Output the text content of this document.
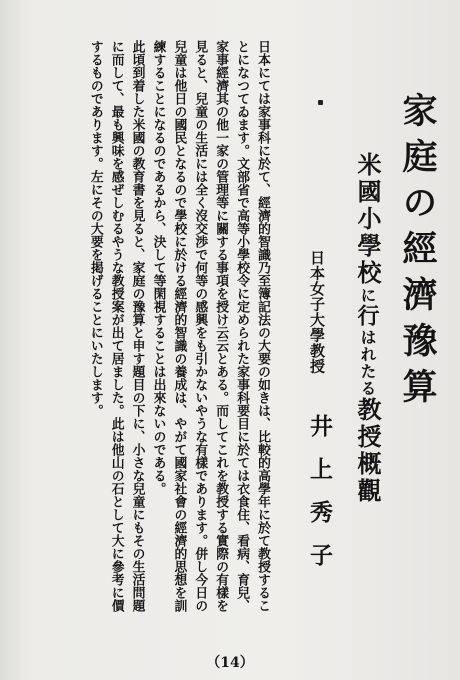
家庭の經濟豫算
米國小學校に行はれたる教授概觀
日本女子大學教授
井上秀子

日本にては家事科に於て、經濟的智識乃至簿記法の大要の如きは、比較的高學年に於て教授することになつてゐます。文部省で高等小學校令に定められた家事科要目に於ては衣食住、看病、育兒、家事經濟其の他一家の管理等に關する事項を授け云云とある。而してこれを教授する實際の有樣を見ると、兒童の生活には全く沒交渉で何等の感興をも引かないやうな有樣であります。併し今日の兒童は他日の國民となるので學校に於ける經濟的智識の養成は、やがて國家社會の經濟的思想を訓練することになるのであるから、決して等閑視することは出來ないのである。

此頃到着した米國の教育書を見ると、家庭の豫算と申す題目の下に、小さな兒童にもその生活問題に而して、最も興味を感ぜしむるやうな教授案が出て居ました。此は他山の石として大に參考に價するものであります。左にその大要を掲げることにいたします。

（14）
